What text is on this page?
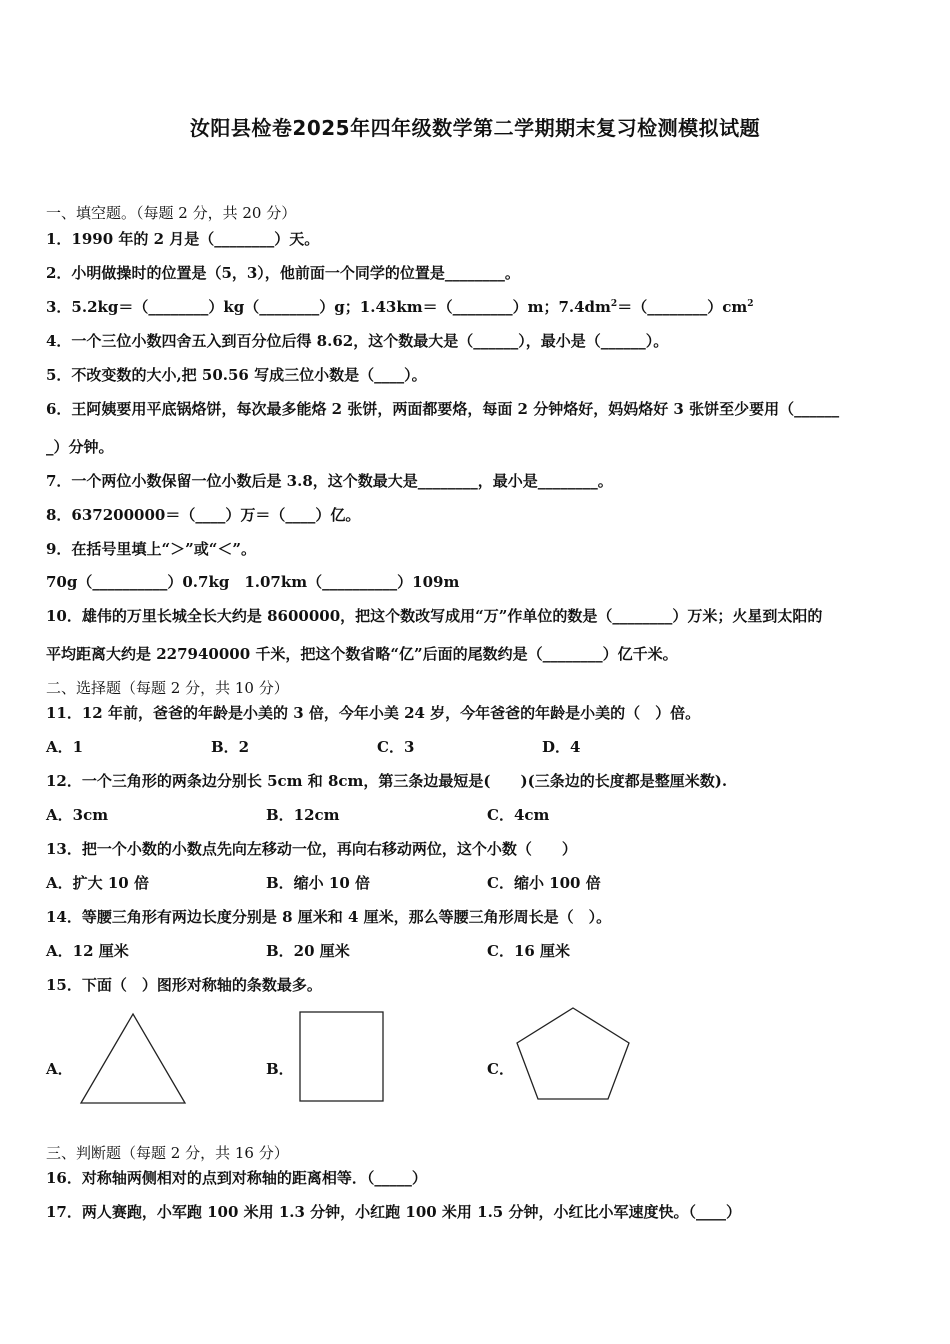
汝阳县检卷2025年四年级数学第二学期期末复习检测模拟试题
一、填空题。（每题 2 分，共 20 分）
1．1990 年的 2 月是（________）天。
2．小明做操时的位置是（5，3），他前面一个同学的位置是________。
3．5.2kg＝（________）kg（________）g；1.43km＝（________）m；$7.4dm^2=(\_\_\_\_\_\_\_\_)cm^2$
4．一个三位小数四舍五入到百分位后得 8.62，这个数最大是（______），最小是（______）。
5．不改变数的大小,把 50.56 写成三位小数是（____）。
6．王阿姨要用平底锅烙饼，每次最多能烙 2 张饼，两面都要烙，每面 2 分钟烙好，妈妈烙好 3 张饼至少要用（______
_）分钟。
7．一个两位小数保留一位小数后是 3.8，这个数最大是________，最小是________。
8．637200000＝（____）万＝（____）亿。
9．在括号里填上“＞”或“＜”。
70g（__________）0.7kg　1.07km（__________）109m
10．雄伟的万里长城全长大约是 8600000，把这个数改写成用“万”作单位的数是（________）万米；火星到太阳的
平均距离大约是 227940000 千米，把这个数省略“亿”后面的尾数约是（________）亿千米。
二、选择题（每题 2 分，共 10 分）
11．12 年前，爸爸的年龄是小美的 3 倍，今年小美 24 岁，今年爸爸的年龄是小美的（　）倍。
A．1	B．2	C．3	D．4
12．一个三角形的两条边分别长 5cm 和 8cm，第三条边最短是(　　)(三条边的长度都是整厘米数).
A．3cm	B．12cm	C．4cm
13．把一个小数的小数点先向左移动一位，再向右移动两位，这个小数（　　）
A．扩大 10 倍	B．缩小 10 倍	C．缩小 100 倍
14．等腰三角形有两边长度分别是 8 厘米和 4 厘米，那么等腰三角形周长是（　）。
A．12 厘米	B．20 厘米	C．16 厘米
15．下面（　）图形对称轴的条数最多。
A．	B．	C．
三、判断题（每题 2 分，共 16 分）
16．对称轴两侧相对的点到对称轴的距离相等．（_____）
17．两人赛跑，小军跑 100 米用 1.3 分钟，小红跑 100 米用 1.5 分钟，小红比小军速度快。（____）
